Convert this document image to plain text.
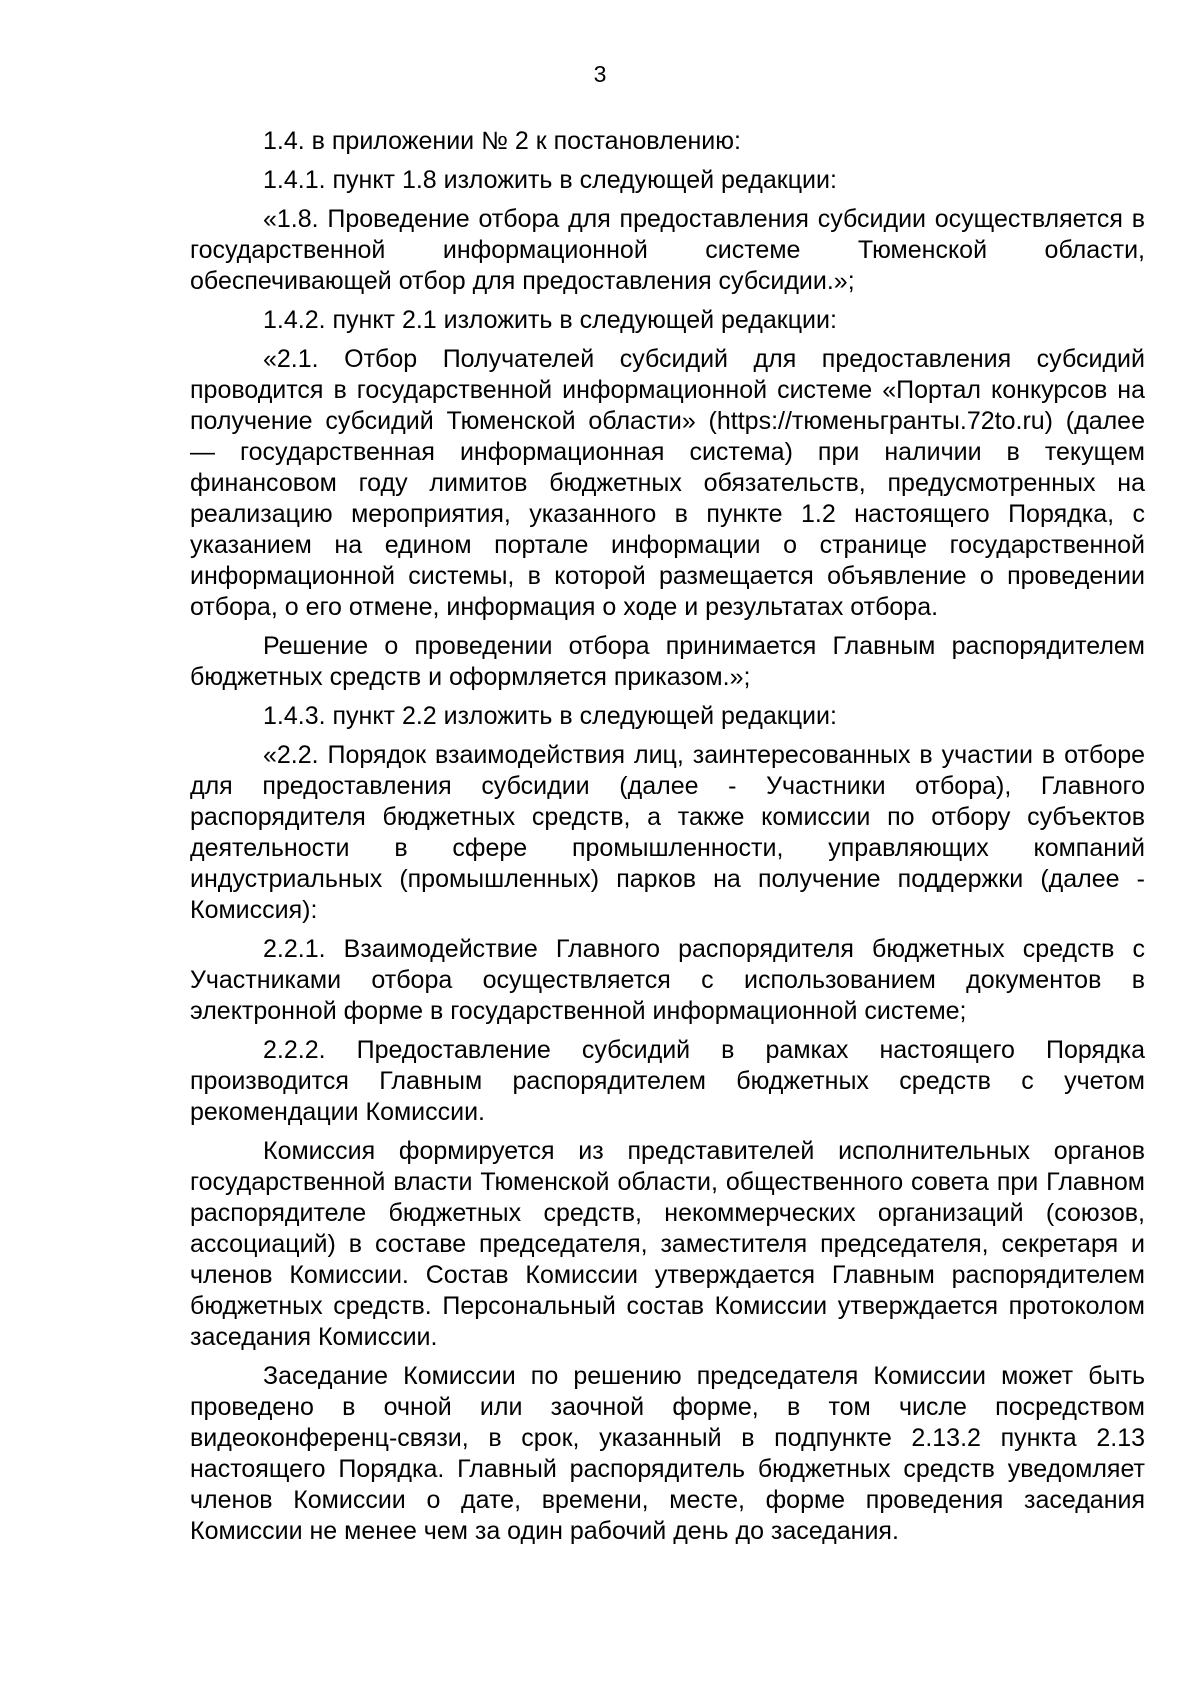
3

1.4. в приложении № 2 к постановлению:

1.4.1. пункт 1.8 изложить в следующей редакции:

«1.8. Проведение отбора для предоставления субсидии осуществляется в государственной информационной системе Тюменской области, обеспечивающей отбор для предоставления субсидии.»;

1.4.2. пункт 2.1 изложить в следующей редакции:

«2.1. Отбор Получателей субсидий для предоставления субсидий проводится в государственной информационной системе «Портал конкурсов на получение субсидий Тюменской области» (https://тюменьгранты.72to.ru) (далее — государственная информационная система) при наличии в текущем финансовом году лимитов бюджетных обязательств, предусмотренных на реализацию мероприятия, указанного в пункте 1.2 настоящего Порядка, с указанием на едином портале информации о странице государственной информационной системы, в которой размещается объявление о проведении отбора, о его отмене, информация о ходе и результатах отбора.

Решение о проведении отбора принимается Главным распорядителем бюджетных средств и оформляется приказом.»;

1.4.3. пункт 2.2 изложить в следующей редакции:

«2.2. Порядок взаимодействия лиц, заинтересованных в участии в отборе для предоставления субсидии (далее - Участники отбора), Главного распорядителя бюджетных средств, а также комиссии по отбору субъектов деятельности в сфере промышленности, управляющих компаний индустриальных (промышленных) парков на получение поддержки (далее - Комиссия):

2.2.1. Взаимодействие Главного распорядителя бюджетных средств с Участниками отбора осуществляется с использованием документов в электронной форме в государственной информационной системе;

2.2.2. Предоставление субсидий в рамках настоящего Порядка производится Главным распорядителем бюджетных средств с учетом рекомендации Комиссии.

Комиссия формируется из представителей исполнительных органов государственной власти Тюменской области, общественного совета при Главном распорядителе бюджетных средств, некоммерческих организаций (союзов, ассоциаций) в составе председателя, заместителя председателя, секретаря и членов Комиссии. Состав Комиссии утверждается Главным распорядителем бюджетных средств. Персональный состав Комиссии утверждается протоколом заседания Комиссии.

Заседание Комиссии по решению председателя Комиссии может быть проведено в очной или заочной форме, в том числе посредством видеоконференц-связи, в срок, указанный в подпункте 2.13.2 пункта 2.13 настоящего Порядка. Главный распорядитель бюджетных средств уведомляет членов Комиссии о дате, времени, месте, форме проведения заседания Комиссии не менее чем за один рабочий день до заседания.
